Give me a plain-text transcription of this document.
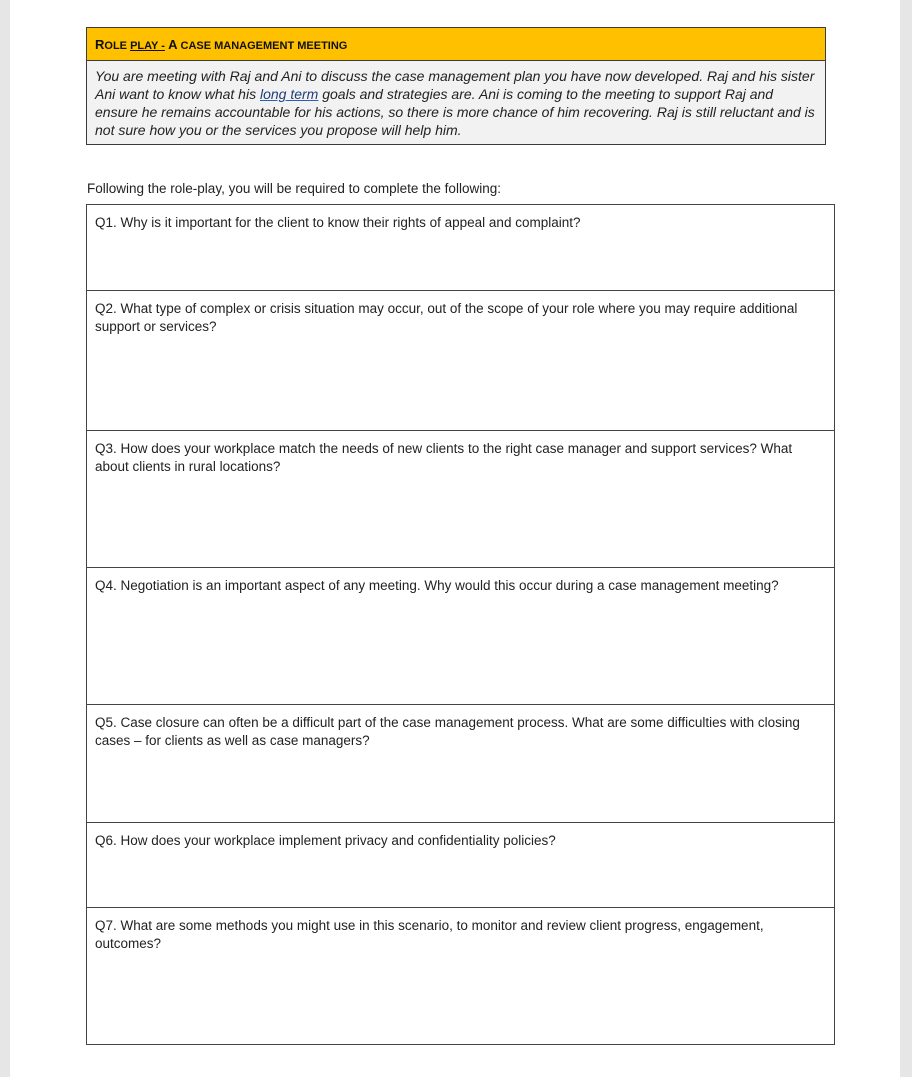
ROLE PLAY - A CASE MANAGEMENT MEETING
You are meeting with Raj and Ani to discuss the case management plan you have now developed. Raj and his sister Ani want to know what his long term goals and strategies are. Ani is coming to the meeting to support Raj and ensure he remains accountable for his actions, so there is more chance of him recovering. Raj is still reluctant and is not sure how you or the services you propose will help him.
Following the role-play, you will be required to complete the following:
Q1. Why is it important for the client to know their rights of appeal and complaint?
Q2. What type of complex or crisis situation may occur, out of the scope of your role where you may require additional support or services?
Q3. How does your workplace match the needs of new clients to the right case manager and support services? What about clients in rural locations?
Q4. Negotiation is an important aspect of any meeting. Why would this occur during a case management meeting?
Q5. Case closure can often be a difficult part of the case management process. What are some difficulties with closing cases – for clients as well as case managers?
Q6. How does your workplace implement privacy and confidentiality policies?
Q7. What are some methods you might use in this scenario, to monitor and review client progress, engagement, outcomes?
